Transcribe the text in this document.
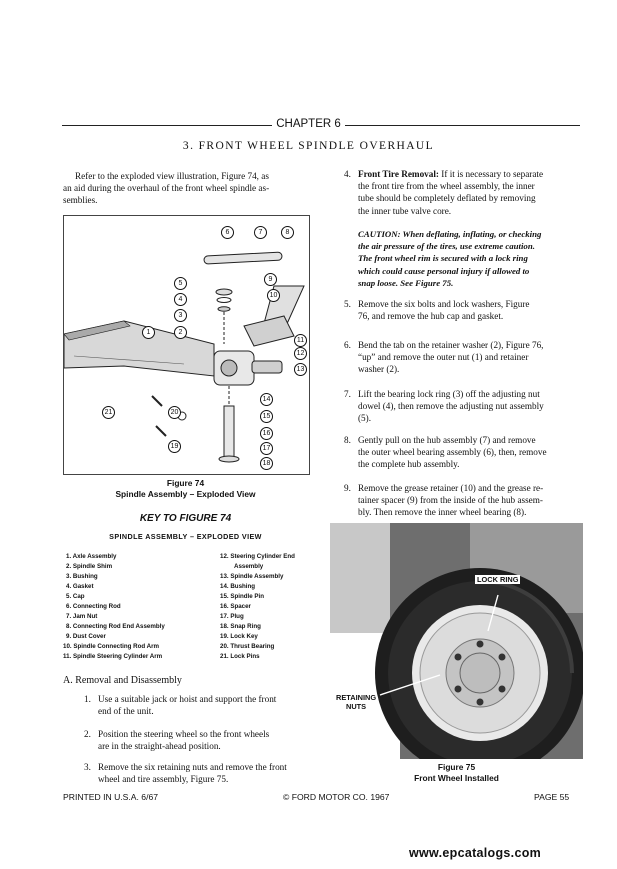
CHAPTER 6
3. FRONT WHEEL SPINDLE OVERHAUL
Refer to the exploded view illustration, Figure 74, as
an aid during the overhaul of the front wheel spindle as-
semblies.
6	7	8
9
10
5
4
3
1	2
11
12
13
14
15
16
17
18
21	20
19
Figure 74
Spindle Assembly – Exploded View
KEY TO FIGURE 74
SPINDLE ASSEMBLY – EXPLODED VIEW
1. Axle Assembly
2. Spindle Shim
3. Bushing
4. Gasket
5. Cap
6. Connecting Rod
7. Jam Nut
8. Connecting Rod End Assembly
9. Dust Cover
10. Spindle Connecting Rod Arm
11. Spindle Steering Cylinder Arm
12. Steering Cylinder End
Assembly
13. Spindle Assembly
14. Bushing
15. Spindle Pin
16. Spacer
17. Plug
18. Snap Ring
19. Lock Key
20. Thrust Bearing
21. Lock Pins
A. Removal and Disassembly
1. Use a suitable jack or hoist and support the front
end of the unit.
2. Position the steering wheel so the front wheels
are in the straight-ahead position.
3. Remove the six retaining nuts and remove the front
wheel and tire assembly, Figure 75.
4. Front Tire Removal: If it is necessary to separate
the front tire from the wheel assembly, the inner
tube should be completely deflated by removing
the inner tube valve core.
CAUTION: When deflating, inflating, or checking
the air pressure of the tires, use extreme caution.
The front wheel rim is secured with a lock ring
which could cause personal injury if allowed to
snap loose. See Figure 75.
5. Remove the six bolts and lock washers, Figure
76, and remove the hub cap and gasket.
6. Bend the tab on the retainer washer (2), Figure 76,
“up” and remove the outer nut (1) and retainer
washer (2).
7. Lift the bearing lock ring (3) off the adjusting nut
dowel (4), then remove the adjusting nut assembly
(5).
8. Gently pull on the hub assembly (7) and remove
the outer wheel bearing assembly (6), then, remove
the complete hub assembly.
9. Remove the grease retainer (10) and the grease re-
tainer spacer (9) from the inside of the hub assem-
bly. Then remove the inner wheel bearing (8).
LOCK RING
RETAINING
NUTS
Figure 75
Front Wheel Installed
PRINTED IN U.S.A. 6/67	© FORD MOTOR CO. 1967	PAGE 55
www.epcatalogs.com
